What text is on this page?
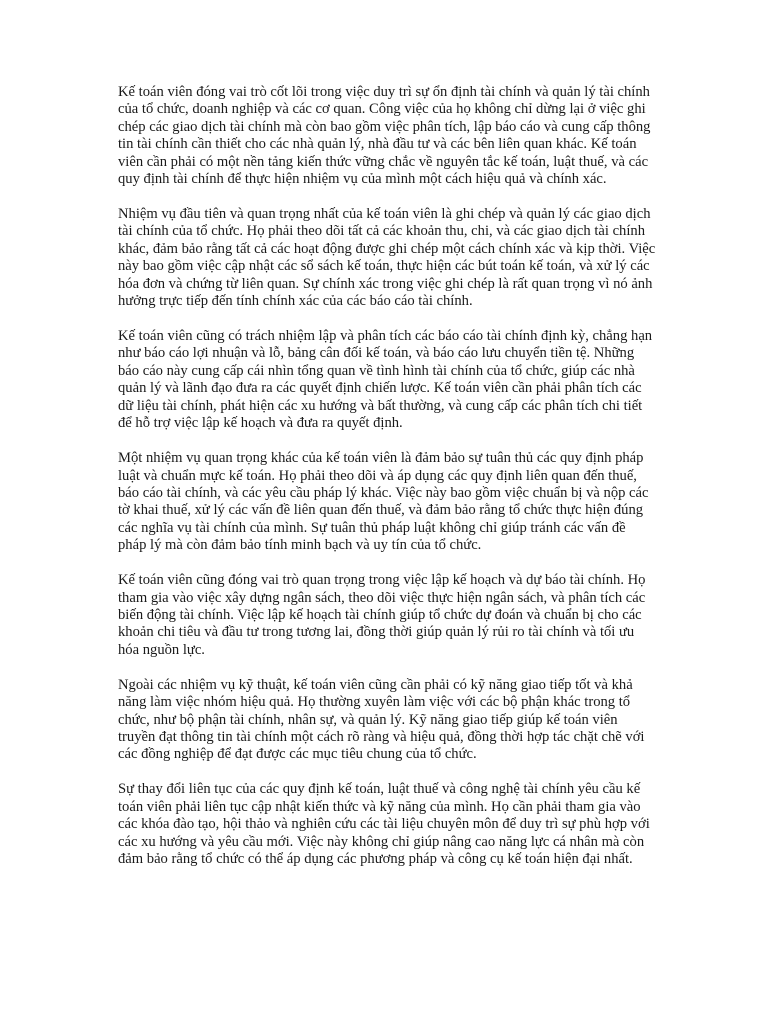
Kế toán viên đóng vai trò cốt lõi trong việc duy trì sự ổn định tài chính và quản lý tài chính của tổ chức, doanh nghiệp và các cơ quan. Công việc của họ không chỉ dừng lại ở việc ghi chép các giao dịch tài chính mà còn bao gồm việc phân tích, lập báo cáo và cung cấp thông tin tài chính cần thiết cho các nhà quản lý, nhà đầu tư và các bên liên quan khác. Kế toán viên cần phải có một nền tảng kiến thức vững chắc về nguyên tắc kế toán, luật thuế, và các quy định tài chính để thực hiện nhiệm vụ của mình một cách hiệu quả và chính xác.

Nhiệm vụ đầu tiên và quan trọng nhất của kế toán viên là ghi chép và quản lý các giao dịch tài chính của tổ chức. Họ phải theo dõi tất cả các khoản thu, chi, và các giao dịch tài chính khác, đảm bảo rằng tất cả các hoạt động được ghi chép một cách chính xác và kịp thời. Việc này bao gồm việc cập nhật các sổ sách kế toán, thực hiện các bút toán kế toán, và xử lý các hóa đơn và chứng từ liên quan. Sự chính xác trong việc ghi chép là rất quan trọng vì nó ảnh hưởng trực tiếp đến tính chính xác của các báo cáo tài chính.

Kế toán viên cũng có trách nhiệm lập và phân tích các báo cáo tài chính định kỳ, chẳng hạn như báo cáo lợi nhuận và lỗ, bảng cân đối kế toán, và báo cáo lưu chuyển tiền tệ. Những báo cáo này cung cấp cái nhìn tổng quan về tình hình tài chính của tổ chức, giúp các nhà quản lý và lãnh đạo đưa ra các quyết định chiến lược. Kế toán viên cần phải phân tích các dữ liệu tài chính, phát hiện các xu hướng và bất thường, và cung cấp các phân tích chi tiết để hỗ trợ việc lập kế hoạch và đưa ra quyết định.

Một nhiệm vụ quan trọng khác của kế toán viên là đảm bảo sự tuân thủ các quy định pháp luật và chuẩn mực kế toán. Họ phải theo dõi và áp dụng các quy định liên quan đến thuế, báo cáo tài chính, và các yêu cầu pháp lý khác. Việc này bao gồm việc chuẩn bị và nộp các tờ khai thuế, xử lý các vấn đề liên quan đến thuế, và đảm bảo rằng tổ chức thực hiện đúng các nghĩa vụ tài chính của mình. Sự tuân thủ pháp luật không chỉ giúp tránh các vấn đề pháp lý mà còn đảm bảo tính minh bạch và uy tín của tổ chức.

Kế toán viên cũng đóng vai trò quan trọng trong việc lập kế hoạch và dự báo tài chính. Họ tham gia vào việc xây dựng ngân sách, theo dõi việc thực hiện ngân sách, và phân tích các biến động tài chính. Việc lập kế hoạch tài chính giúp tổ chức dự đoán và chuẩn bị cho các khoản chi tiêu và đầu tư trong tương lai, đồng thời giúp quản lý rủi ro tài chính và tối ưu hóa nguồn lực.

Ngoài các nhiệm vụ kỹ thuật, kế toán viên cũng cần phải có kỹ năng giao tiếp tốt và khả năng làm việc nhóm hiệu quả. Họ thường xuyên làm việc với các bộ phận khác trong tổ chức, như bộ phận tài chính, nhân sự, và quản lý. Kỹ năng giao tiếp giúp kế toán viên truyền đạt thông tin tài chính một cách rõ ràng và hiệu quả, đồng thời hợp tác chặt chẽ với các đồng nghiệp để đạt được các mục tiêu chung của tổ chức.

Sự thay đổi liên tục của các quy định kế toán, luật thuế và công nghệ tài chính yêu cầu kế toán viên phải liên tục cập nhật kiến thức và kỹ năng của mình. Họ cần phải tham gia vào các khóa đào tạo, hội thảo và nghiên cứu các tài liệu chuyên môn để duy trì sự phù hợp với các xu hướng và yêu cầu mới. Việc này không chỉ giúp nâng cao năng lực cá nhân mà còn đảm bảo rằng tổ chức có thể áp dụng các phương pháp và công cụ kế toán hiện đại nhất.
